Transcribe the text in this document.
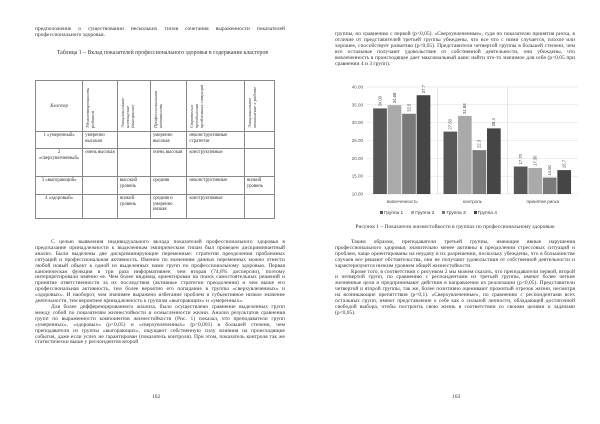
предположение о существовании нескольких типов сочетания выраженности показателей профессионального здоровья.
Таблица 1 – Вклад показателей профессионального здоровья в содержание кластеров
Кластер	Удовлетворенность работой	Эмоциональное истощение (выгорание)	Профессиональная активность	Стратегии преодоления проблемных ситуаций	Эмоциональное отношение к работе
1 «умеренный»	умеренно высокая		умеренно высокая	неконструктивные стратегии	
2 «сверхувлеченный»	очень высокая		очень высокая	конструктивные	
3 «выгорающий»		высокий уровень	средняя	неконструктивные	низкий уровень
4 «здоровый»		низкий уровень	средняя и умеренно низкая	конструктивные	

С целью выявления индивидуального вклада показателей профессионального здоровья в предсказание принадлежности к выделенным эмпирическим типам был проведен дискриминантный анализ. Были выделены две дискриминирующие переменные: стратегии преодоления проблемных ситуаций и профессиональная активность. Именно по значениям данных переменных можно отнести любой новый объект к одной из выделенных нами групп по профессиональному здоровью. Первая каноническая функция в три раза информативнее, чем вторая (74,8% дисперсии), поэтому интерпретировали именно ее. Чем более индивид ориентирован на поиск самостоятельных решений и принятие ответственности за их последствия (активные стратегии преодоления) и чем выше его профессиональная активность, тем более вероятно его попадание в группы «сверхувлеченных» и «здоровых». И наоборот, чем значимее выражено избегание проблем и субъективное низкое значение деятельности, тем вероятнее принадлежность к группам «выгорающих» и «умеренных».

Для более дифференцированного анализа, было осуществлено сравнение выделенных групп между собой по показателям жизнестойкости и осмысленности жизни. Анализ результатов сравнения групп по выраженности компонентов жизнестойкости (Рис. 1) показал, что преподаватели групп «умеренных», «здоровых» (p<0,05) и «сверхувлеченных» (p<0,001) в большей степени, чем преподаватели из группы «выгорающих», ощущают собственную силу влияния на происходящие события, даже если успех не гарантирован (показатель контроля). При этом, показатель контроля так же статистически выше у респондентов второй

162
группы, по сравнению с первой (p<0,05). «Сверхувлеченные», судя по показателю принятия риска, в отличие от представителей третьей группы убеждены, что все что с ними случается, плохое или хорошее, способствует развитию (p<0,05). Представители четвертой группы в большей степени, чем все остальные получают удовольствие от собственной деятельности, они убеждены, что вовлеченность в происходящее дает максимальный шанс найти что-то значимое для себя (p<0,05 при сравнении 4 и 3 групп).
10.00
15.00
20.00
25.00
30.00
35.00
40.00
34.00 34.88
32.5
37.7
вовлеченность
27.50
31.88
22.3
28.4
контроль
17.70 17.30
14.60
16.7
принятие риска
Группа 1	Группа 2	Группа 3	Группа 4
Рисунок 1 – Показатели жизнестойкости в группах по профессиональному здоровью

Таким образом, преподаватели третьей группы, имеющие явные нарушения профессионального здоровья, значительно менее активны в преодолении стрессовых ситуаций и проблем, чаще ориентированы на неудачу в их разрешении, поскольку убеждены, что в большинстве случаев все решают обстоятельства, они не получают удовольствия от собственной деятельности и характеризуются низким уровнем общей жизнестойкости.

Кроме того, в соответствии с рисунком 2 мы можем сказать, что преподаватели первой, второй и четвертой групп, по сравнению с респондентами из третьей группы, имеют более четкие жизненные цели и предпринимают действия в направлении их реализации (p<0,05). Представители четвертой и второй группы, так же, более позитивно оценивают прожитый отрезок жизни, несмотря на возникающие препятствия (p<0,1). «Сверхувлеченные», по сравнению с респондентами всех остальных групп, имеют представление о себе как о сильной личности, обладающей достаточной свободой выбора, чтобы построить свою жизнь в соответствии со своими целями и задачами (p<0,05).

163
